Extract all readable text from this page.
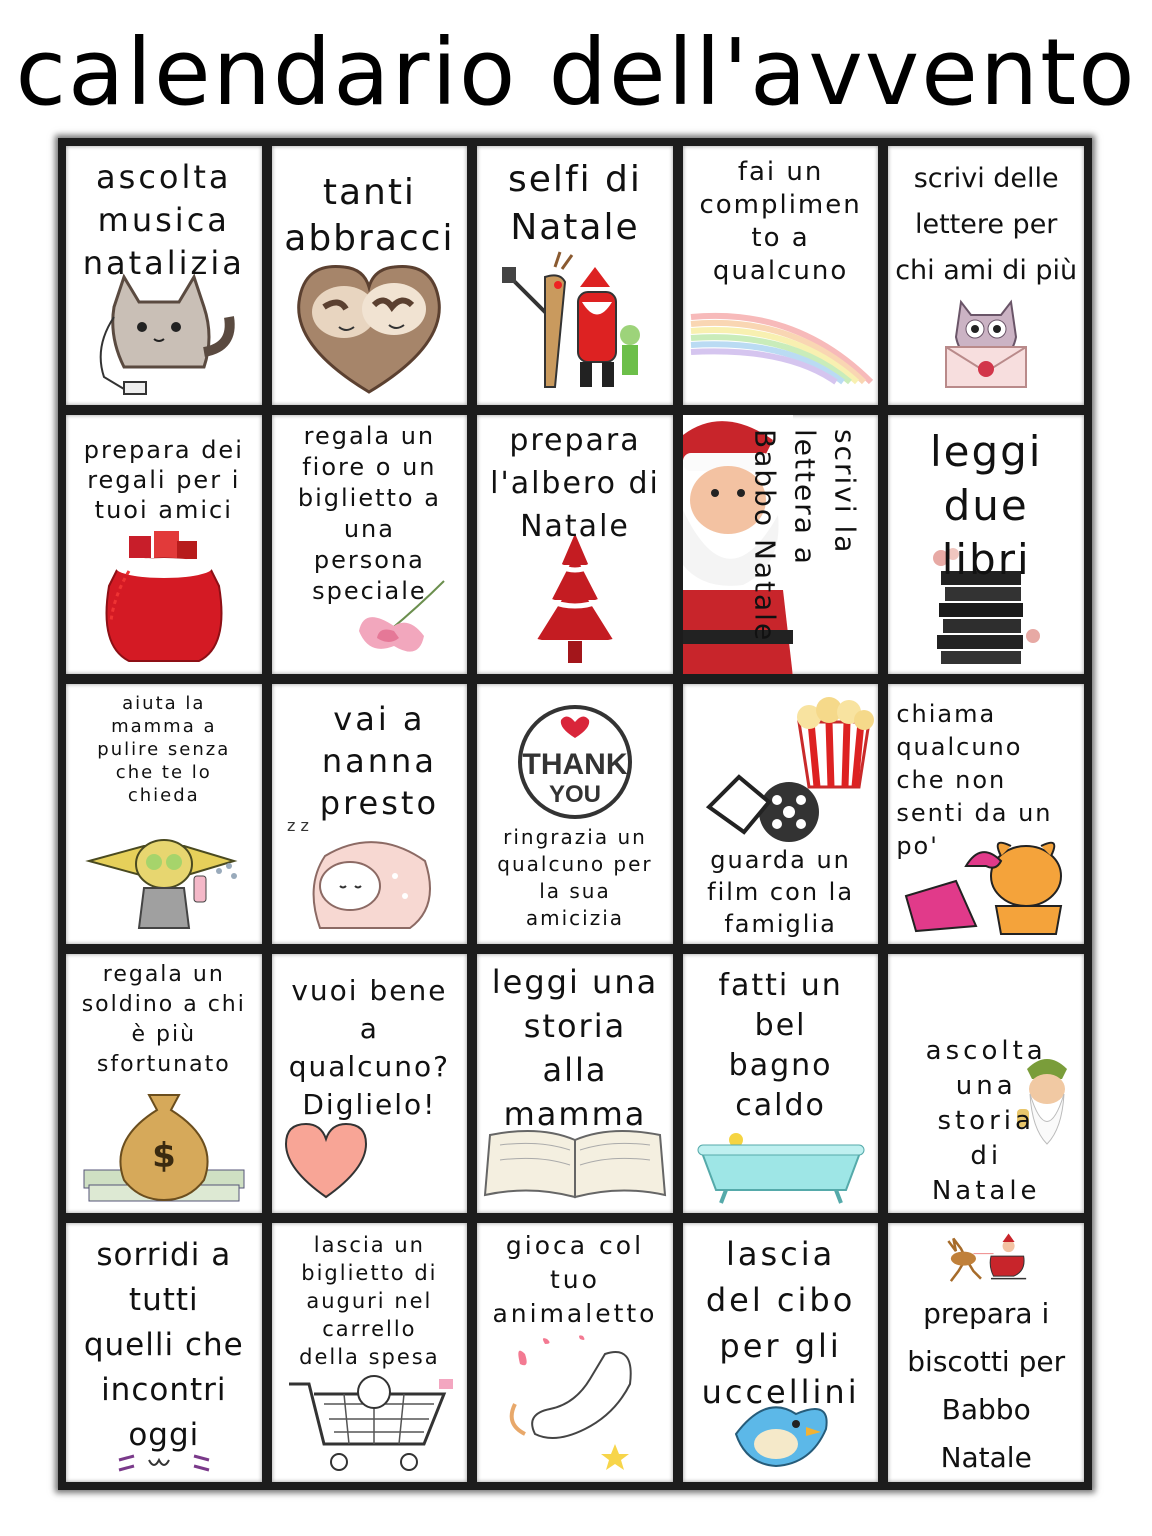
calendario dell'avvento
ascolta
musica
natalizia
tanti
abbracci
selfi di
Natale
fai un
complimen
to a
qualcuno
scrivi delle
lettere per
chi ami di più
prepara dei
regali per i
tuoi amici
regala un
fiore o un
biglietto a
una
persona
speciale
prepara
l'albero di
Natale	scrivi la lettera a Babbo Natale	leggi
due
libri
aiuta la
mamma a
pulire senza
che te lo
chieda
vai a
nanna
presto
z z
THANK
YOU
ringrazia un
qualcuno per
la sua
amicizia
guarda un
film con la
famiglia
chiama
qualcuno
che non
senti da un
po'
regala un
soldino a chi
è più
sfortunato
$
vuoi bene
a
qualcuno?
Diglielo!
leggi una
storia
alla
mamma
fatti un
bel
bagno
caldo
ascolta
una
storia
di
Natale
sorridi a
tutti
quelli che
incontri
oggi
lascia un
biglietto di
auguri nel
carrello
della spesa
gioca col
tuo
animaletto
lascia
del cibo
per gli
uccellini
prepara i
biscotti per
Babbo Natale
